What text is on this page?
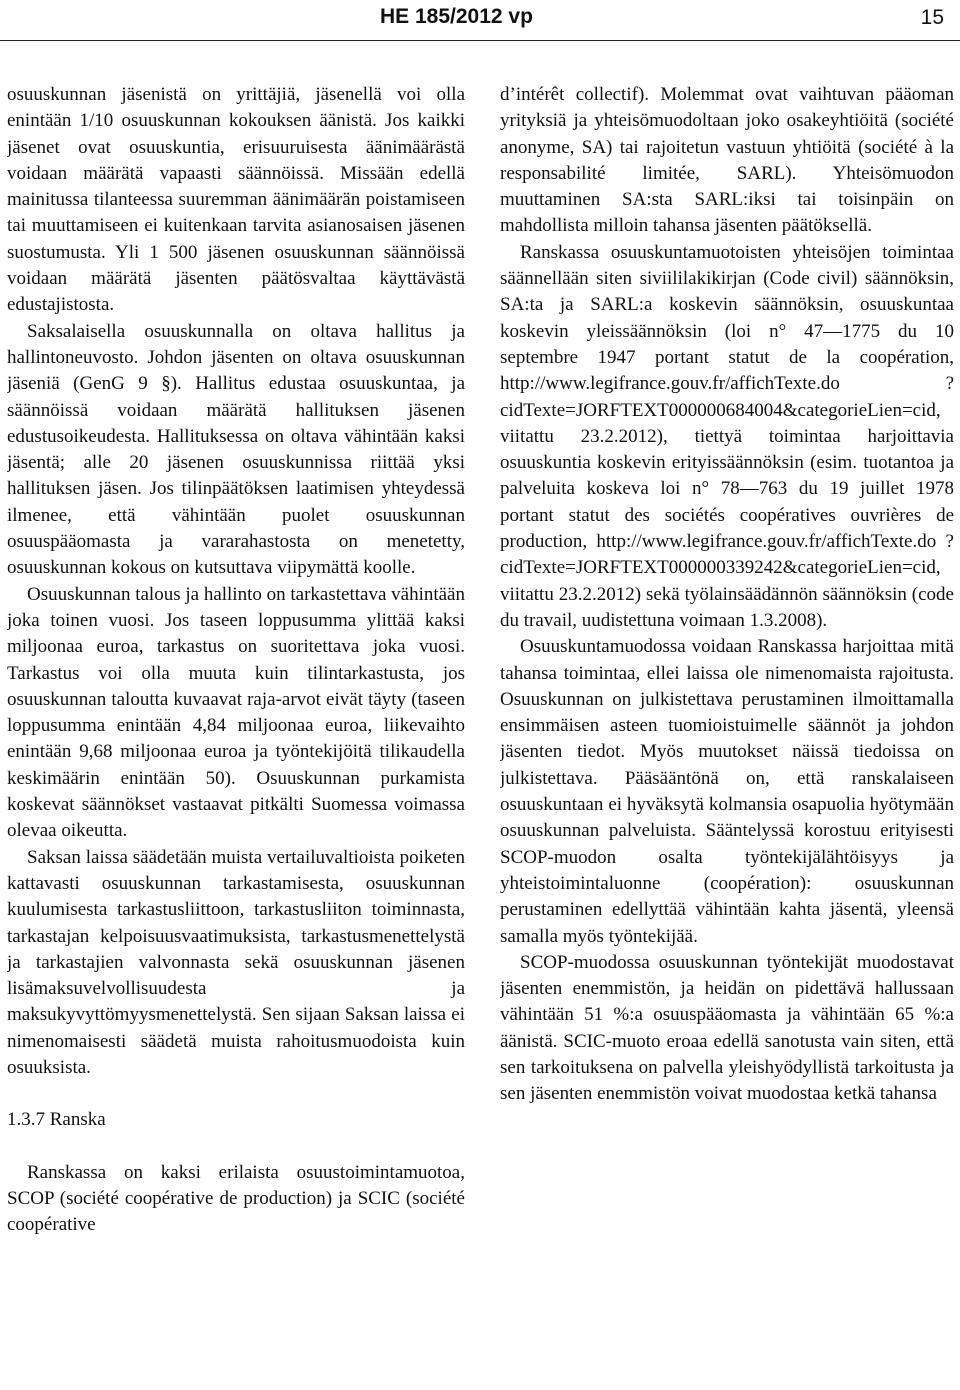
HE 185/2012 vp	15

osuuskunnan jäsenistä on yrittäjiä, jäsenellä voi olla enintään 1/10 osuuskunnan kokouksen äänistä. Jos kaikki jäsenet ovat osuuskuntia, erisuuruisesta äänimäärästä voidaan määrätä vapaasti säännöissä. Missään edellä mainitussa tilanteessa suuremman äänimäärän poistamiseen tai muuttamiseen ei kuitenkaan tarvita asianosaisen jäsenen suostumusta. Yli 1 500 jäsenen osuuskunnan säännöissä voidaan määrätä jäsenten päätösvaltaa käyttävästä edustajistosta.

Saksalaisella osuuskunnalla on oltava hallitus ja hallintoneuvosto. Johdon jäsenten on oltava osuuskunnan jäseniä (GenG 9 §). Hallitus edustaa osuuskuntaa, ja säännöissä voidaan määrätä hallituksen jäsenen edustusoikeudesta. Hallituksessa on oltava vähintään kaksi jäsentä; alle 20 jäsenen osuuskunnissa riittää yksi hallituksen jäsen. Jos tilinpäätöksen laatimisen yhteydessä ilmenee, että vähintään puolet osuuskunnan osuuspääomasta ja vararahastosta on menetetty, osuuskunnan kokous on kutsuttava viipymättä koolle.

Osuuskunnan talous ja hallinto on tarkastettava vähintään joka toinen vuosi. Jos taseen loppusumma ylittää kaksi miljoonaa euroa, tarkastus on suoritettava joka vuosi. Tarkastus voi olla muuta kuin tilintarkastusta, jos osuuskunnan taloutta kuvaavat raja-arvot eivät täyty (taseen loppusumma enintään 4,84 miljoonaa euroa, liikevaihto enintään 9,68 miljoonaa euroa ja työntekijöitä tilikaudella keskimäärin enintään 50). Osuuskunnan purkamista koskevat säännökset vastaavat pitkälti Suomessa voimassa olevaa oikeutta.

Saksan laissa säädetään muista vertailuvaltioista poiketen kattavasti osuuskunnan tarkastamisesta, osuuskunnan kuulumisesta tarkastusliittoon, tarkastusliiton toiminnasta, tarkastajan kelpoisuusvaatimuksista, tarkastusmenettelystä ja tarkastajien valvonnasta sekä osuuskunnan jäsenen lisämaksuvelvollisuudesta ja maksukyvyttömyysmenettelystä. Sen sijaan Saksan laissa ei nimenomaisesti säädetä muista rahoitusmuodoista kuin osuuksista.

1.3.7 Ranska

Ranskassa on kaksi erilaista osuustoimintamuotoa, SCOP (société coopérative de production) ja SCIC (société coopérative

d’intérêt collectif). Molemmat ovat vaihtuvan pääoman yrityksiä ja yhteisömuodoltaan joko osakeyhtiöitä (société anonyme, SA) tai rajoitetun vastuun yhtiöitä (société à la responsabilité limitée, SARL). Yhteisömuodon muuttaminen SA:sta SARL:iksi tai toisinpäin on mahdollista milloin tahansa jäsenten päätöksellä.

Ranskassa osuuskuntamuotoisten yhteisöjen toimintaa säännellään siten siviililakikirjan (Code civil) säännöksin, SA:ta ja SARL:a koskevin säännöksin, osuuskuntaa koskevin yleissäännöksin (loi n° 47—1775 du 10 septembre 1947 portant statut de la coopération, http://www.legifrance.gouv.fr/affichTexte.do ?cidTexte=JORFTEXT000000684004&categorieLien=cid, viitattu 23.2.2012), tiettyä toimintaa harjoittavia osuuskuntia koskevin erityissäännöksin (esim. tuotantoa ja palveluita koskeva loi n° 78—763 du 19 juillet 1978 portant statut des sociétés coopératives ouvrières de production, http://www.legifrance.gouv.fr/affichTexte.do ?cidTexte=JORFTEXT000000339242&categorieLien=cid, viitattu 23.2.2012) sekä työlainsäädännön säännöksin (code du travail, uudistettuna voimaan 1.3.2008).

Osuuskuntamuodossa voidaan Ranskassa harjoittaa mitä tahansa toimintaa, ellei laissa ole nimenomaista rajoitusta. Osuuskunnan on julkistettava perustaminen ilmoittamalla ensimmäisen asteen tuomioistuimelle säännöt ja johdon jäsenten tiedot. Myös muutokset näissä tiedoissa on julkistettava. Pääsääntönä on, että ranskalaiseen osuuskuntaan ei hyväksytä kolmansia osapuolia hyötymään osuuskunnan palveluista. Sääntelyssä korostuu erityisesti SCOP-muodon osalta työntekijälähtöisyys ja yhteistoimintaluonne (coopération): osuuskunnan perustaminen edellyttää vähintään kahta jäsentä, yleensä samalla myös työntekijää.

SCOP-muodossa osuuskunnan työntekijät muodostavat jäsenten enemmistön, ja heidän on pidettävä hallussaan vähintään 51 %:a osuuspääomasta ja vähintään 65 %:a äänistä. SCIC-muoto eroaa edellä sanotusta vain siten, että sen tarkoituksena on palvella yleishyödyllistä tarkoitusta ja sen jäsenten enemmistön voivat muodostaa ketkä tahansa
